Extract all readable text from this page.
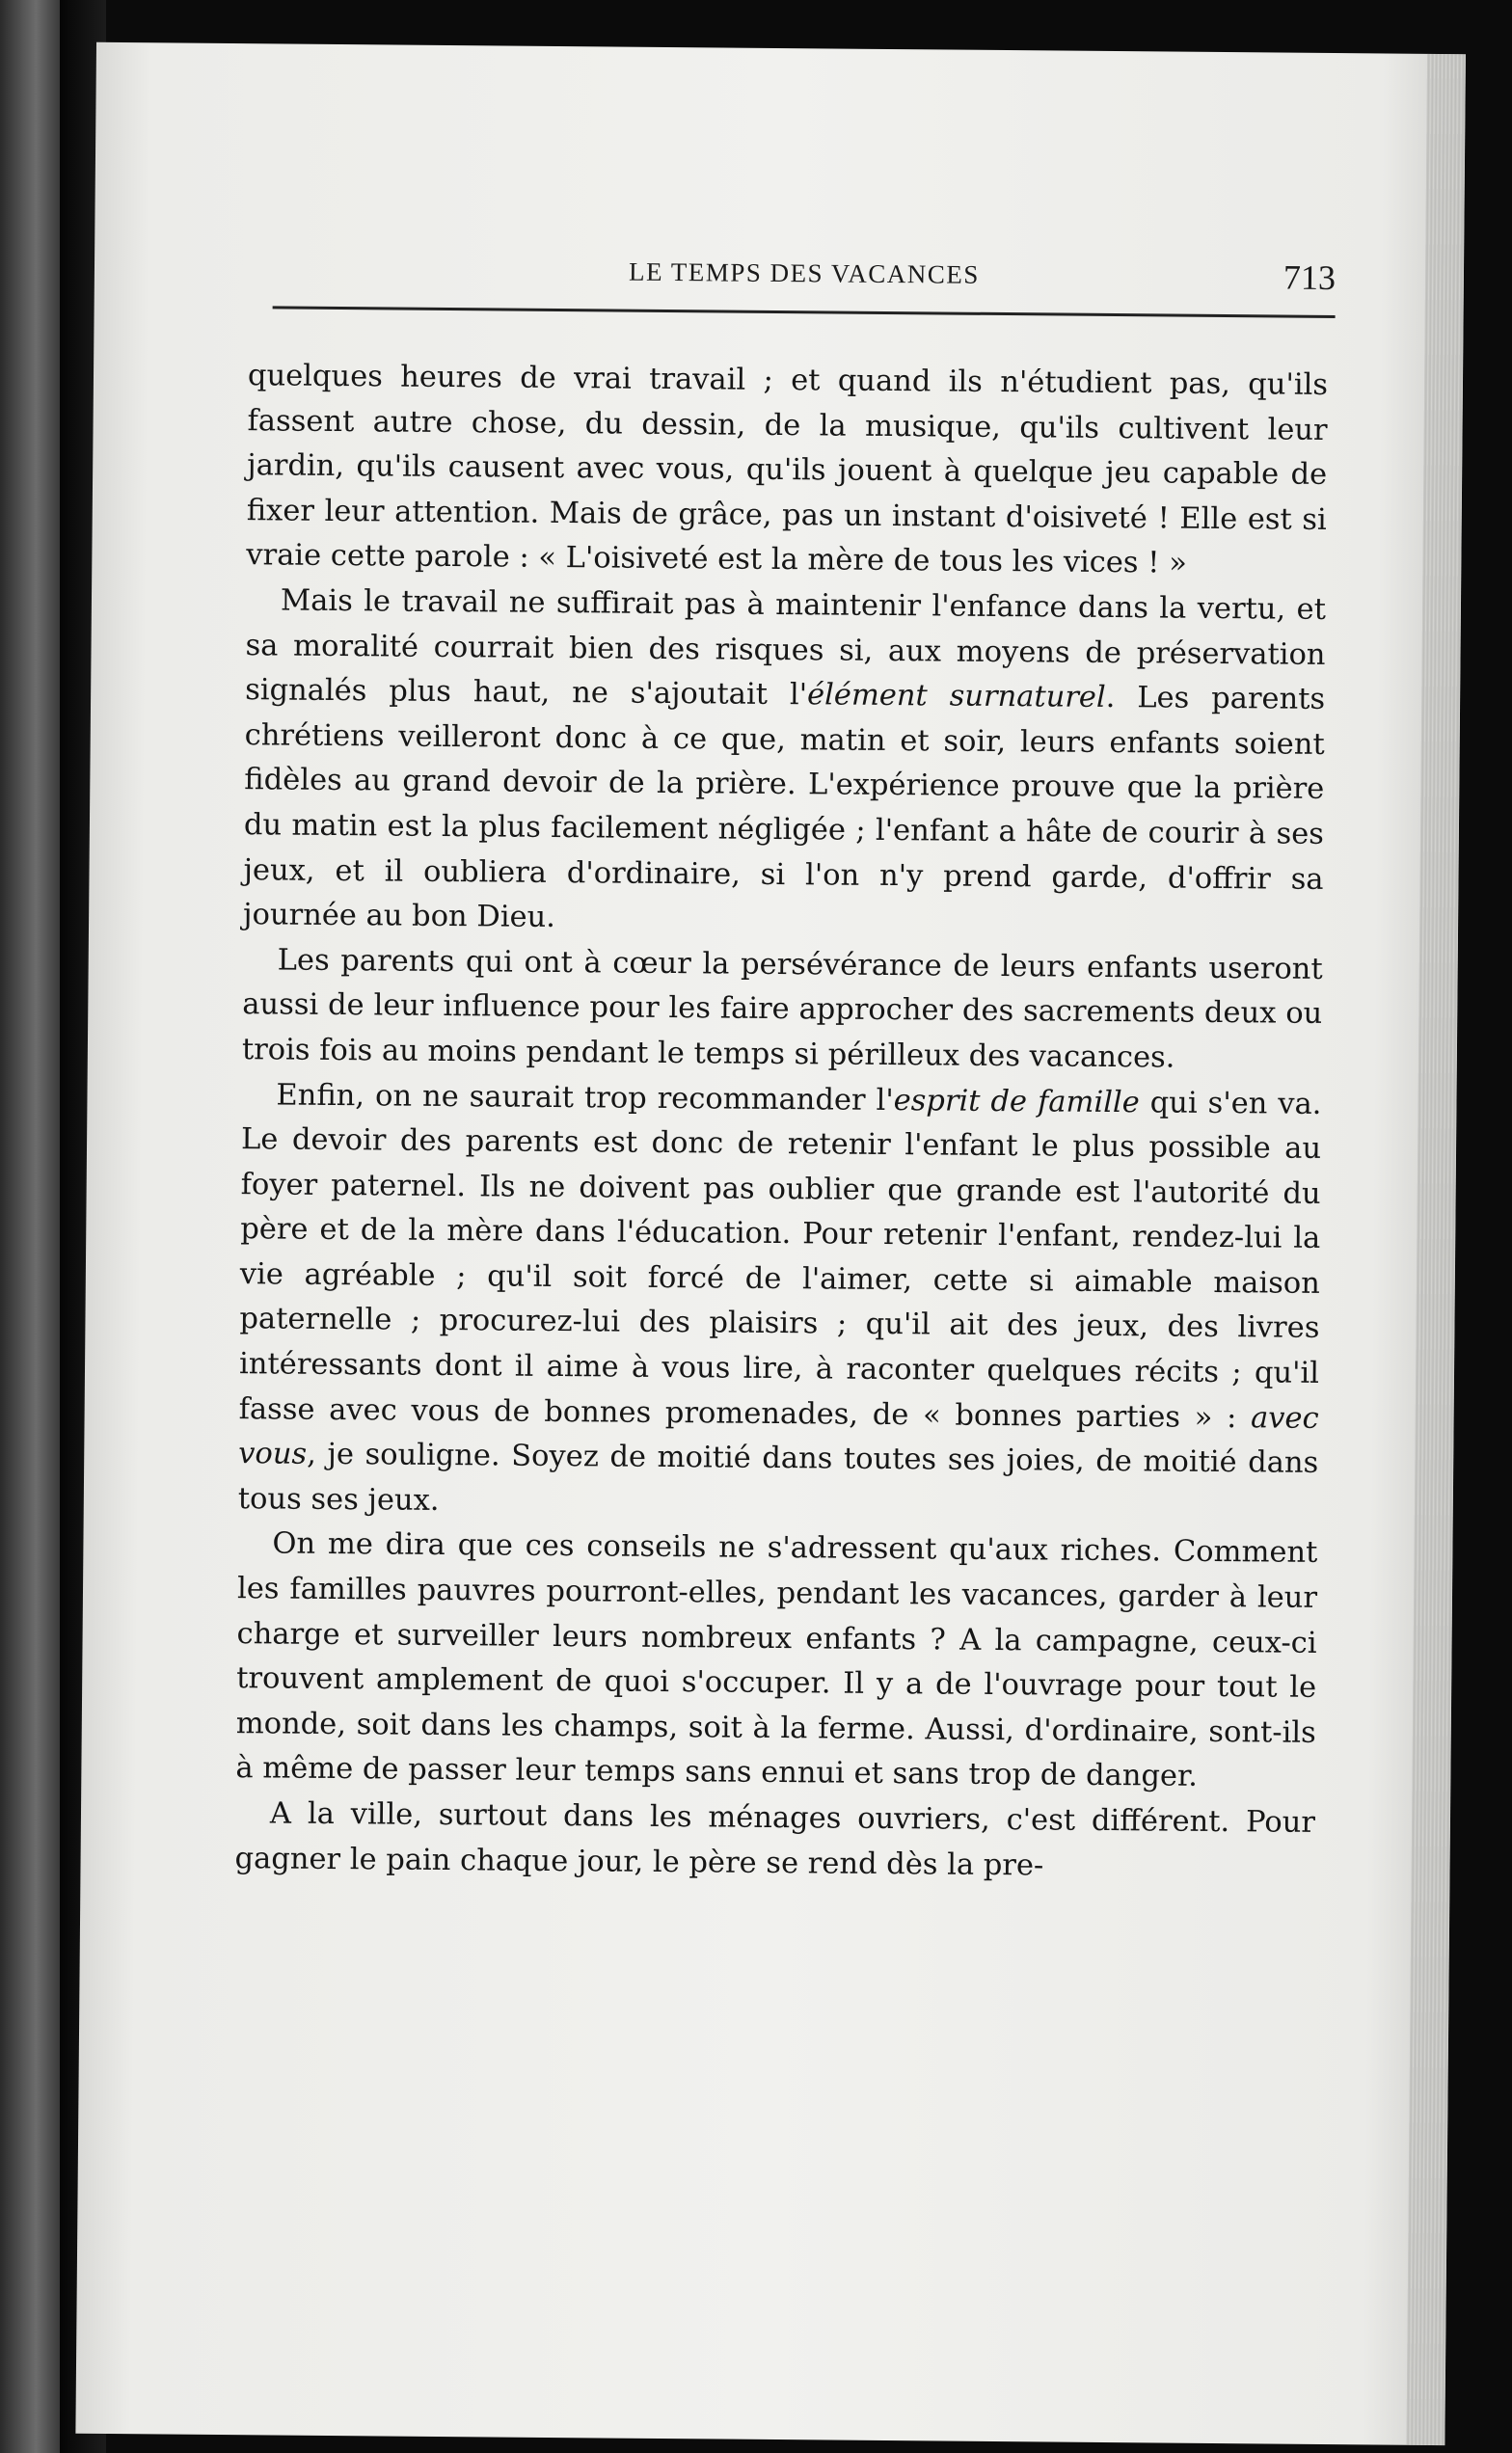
LE TEMPS DES VACANCES	713

quelques heures de vrai travail ; et quand ils n'étudient pas, qu'ils fassent autre chose, du dessin, de la musique, qu'ils cultivent leur jardin, qu'ils causent avec vous, qu'ils jouent à quelque jeu capable de fixer leur attention. Mais de grâce, pas un instant d'oisiveté ! Elle est si vraie cette parole : « L'oisiveté est la mère de tous les vices ! »

Mais le travail ne suffirait pas à maintenir l'enfance dans la vertu, et sa moralité courrait bien des risques si, aux moyens de préservation signalés plus haut, ne s'ajoutait l'élément surnaturel. Les parents chrétiens veilleront donc à ce que, matin et soir, leurs enfants soient fidèles au grand devoir de la prière. L'expérience prouve que la prière du matin est la plus facilement négligée ; l'enfant a hâte de courir à ses jeux, et il oubliera d'ordinaire, si l'on n'y prend garde, d'offrir sa journée au bon Dieu.

Les parents qui ont à cœur la persévérance de leurs enfants useront aussi de leur influence pour les faire approcher des sacrements deux ou trois fois au moins pendant le temps si périlleux des vacances.

Enfin, on ne saurait trop recommander l'esprit de famille qui s'en va. Le devoir des parents est donc de retenir l'enfant le plus possible au foyer paternel. Ils ne doivent pas oublier que grande est l'autorité du père et de la mère dans l'éducation. Pour retenir l'enfant, rendez-lui la vie agréable ; qu'il soit forcé de l'aimer, cette si aimable maison paternelle ; procurez-lui des plaisirs ; qu'il ait des jeux, des livres intéressants dont il aime à vous lire, à raconter quelques récits ; qu'il fasse avec vous de bonnes promenades, de « bonnes parties » : avec vous, je souligne. Soyez de moitié dans toutes ses joies, de moitié dans tous ses jeux.

On me dira que ces conseils ne s'adressent qu'aux riches. Comment les familles pauvres pourront-elles, pendant les vacances, garder à leur charge et surveiller leurs nombreux enfants ? A la campagne, ceux-ci trouvent amplement de quoi s'occuper. Il y a de l'ouvrage pour tout le monde, soit dans les champs, soit à la ferme. Aussi, d'ordinaire, sont-ils à même de passer leur temps sans ennui et sans trop de danger.

A la ville, surtout dans les ménages ouvriers, c'est différent. Pour gagner le pain chaque jour, le père se rend dès la pre-
